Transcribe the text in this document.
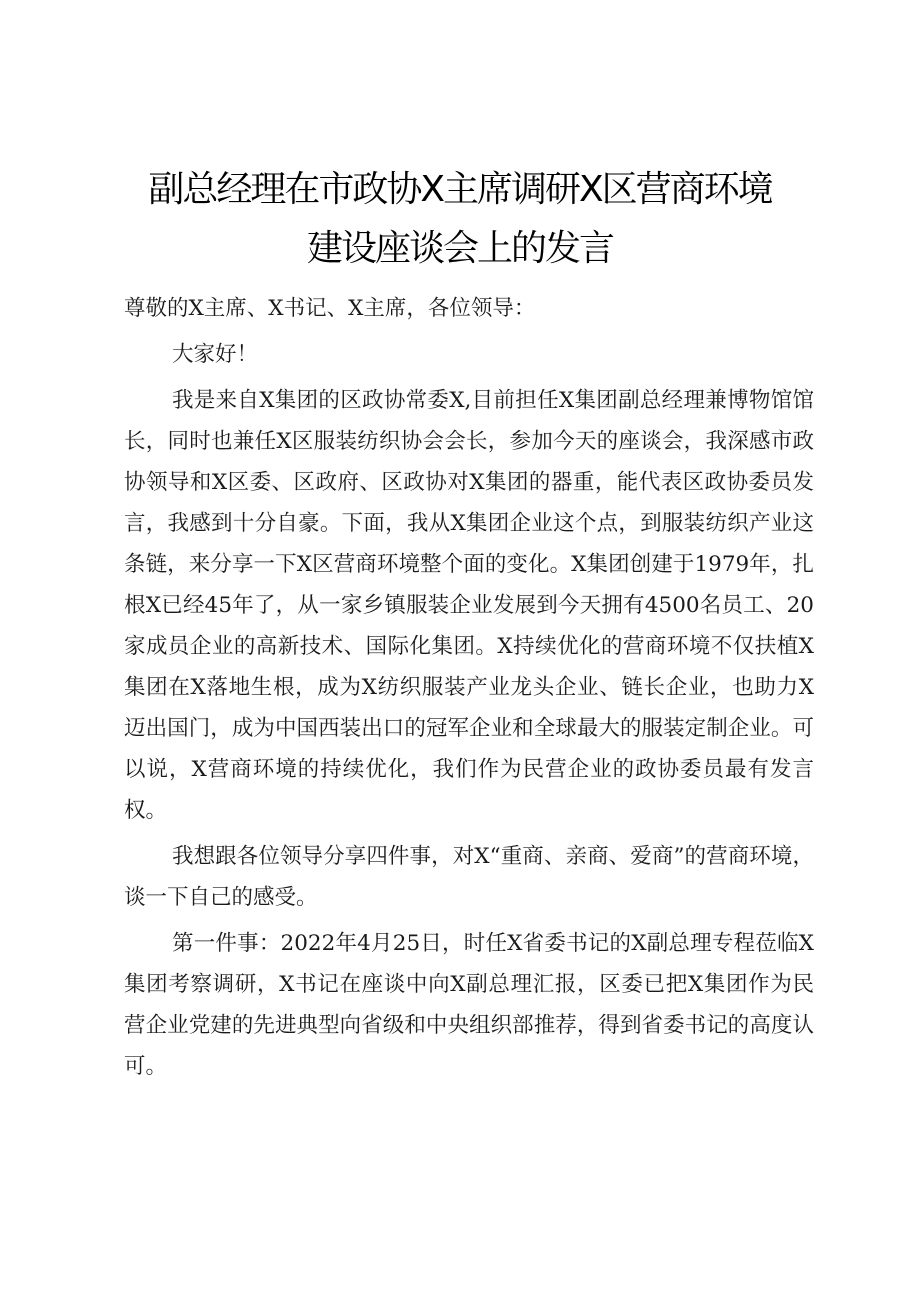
副总经理在市政协X主席调研X区营商环境
建设座谈会上的发言

尊敬的X主席、X书记、X主席，各位领导：

大家好！

我是来自X集团的区政协常委X,目前担任X集团副总经理兼博物馆馆长，同时也兼任X区服装纺织协会会长，参加今天的座谈会，我深感市政协领导和X区委、区政府、区政协对X集团的器重，能代表区政协委员发言，我感到十分自豪。下面，我从X集团企业这个点，到服装纺织产业这条链，来分享一下X区营商环境整个面的变化。X集团创建于1979年，扎根X已经45年了，从一家乡镇服装企业发展到今天拥有4500名员工、20家成员企业的高新技术、国际化集团。X持续优化的营商环境不仅扶植X集团在X落地生根，成为X纺织服装产业龙头企业、链长企业，也助力X迈出国门，成为中国西装出口的冠军企业和全球最大的服装定制企业。可以说，X营商环境的持续优化，我们作为民营企业的政协委员最有发言权。

我想跟各位领导分享四件事，对X“重商、亲商、爱商”的营商环境，谈一下自己的感受。

第一件事：2022年4月25日，时任X省委书记的X副总理专程莅临X集团考察调研，X书记在座谈中向X副总理汇报，区委已把X集团作为民营企业党建的先进典型向省级和中央组织部推荐，得到省委书记的高度认可。
